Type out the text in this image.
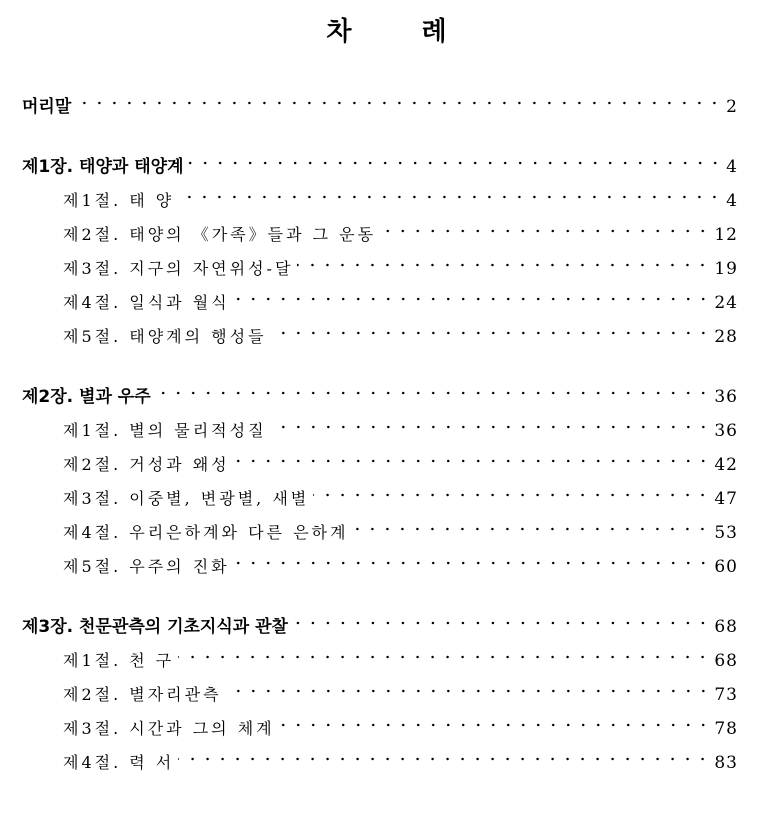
차	례
머리말	2
제1장. 태양과 태양계	4
제1절. 태 양	4
제2절. 태양의 《가족》들과 그 운동	12
제3절. 지구의 자연위성-달	19
제4절. 일식과 월식	24
제5절. 태양계의 행성들	28
제2장. 별과 우주	36
제1절. 별의 물리적성질	36
제2절. 거성과 왜성	42
제3절. 이중별, 변광별, 새별	47
제4절. 우리은하계와 다른 은하계	53
제5절. 우주의 진화	60
제3장. 천문관측의 기초지식과 관찰	68
제1절. 천 구	68
제2절. 별자리관측	73
제3절. 시간과 그의 체계	78
제4절. 력 서	83
